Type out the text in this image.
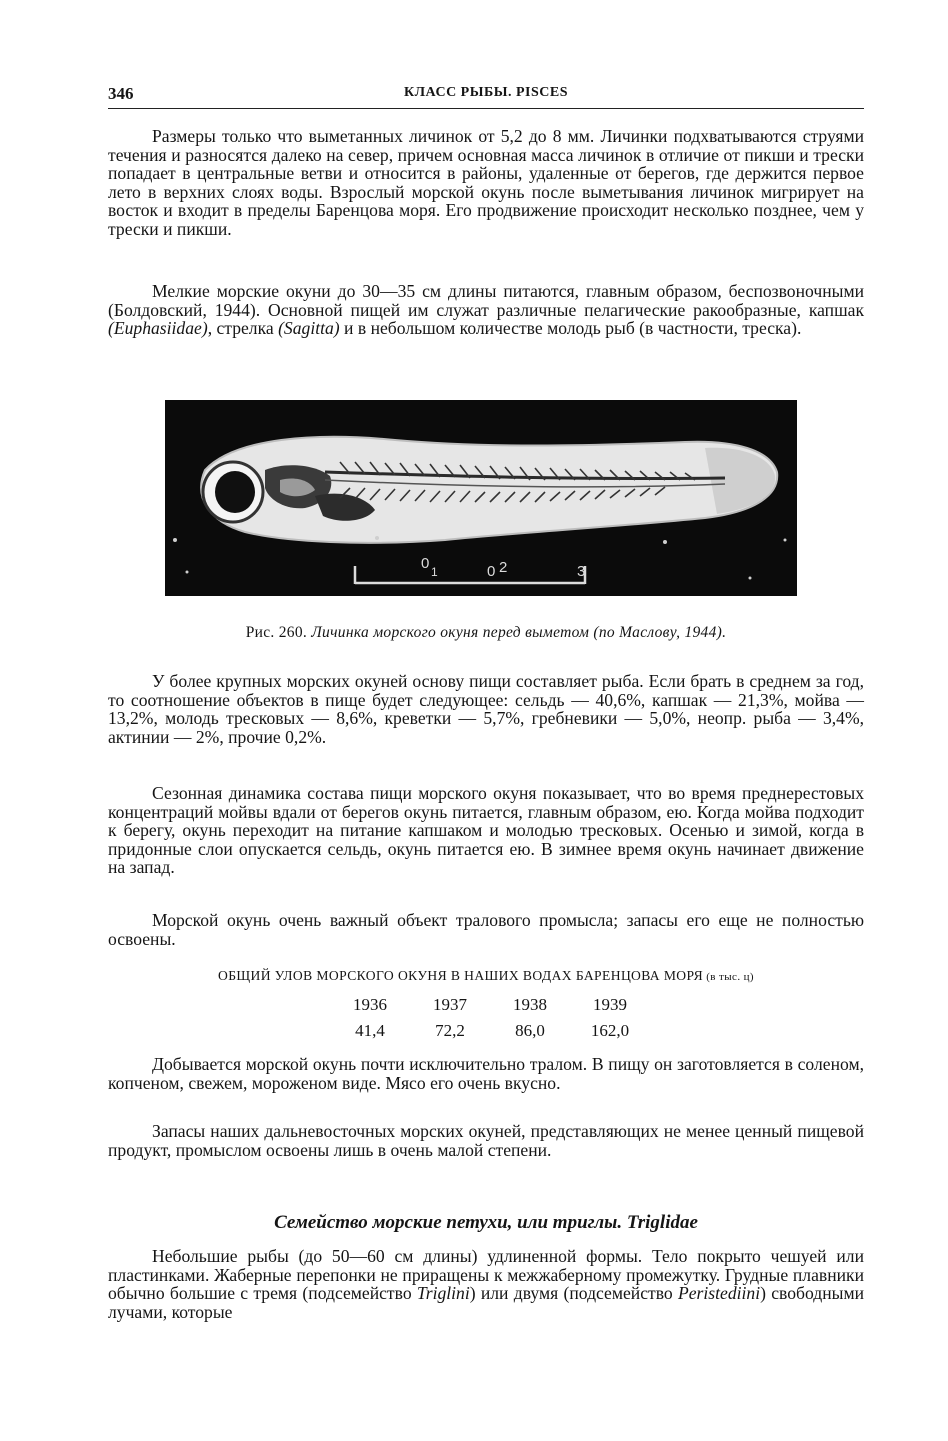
346	КЛАСС РЫБЫ. PISCES

Размеры только что выметанных личинок от 5,2 до 8 мм. Личинки подхватываются струями течения и разносятся далеко на север, причем основная масса личинок в отличие от пикши и трески попадает в центральные ветви и относится в районы, удаленные от берегов, где держится первое лето в верхних слоях воды. Взрослый морской окунь после выметывания личинок мигрирует на восток и входит в пределы Баренцова моря. Его продвижение происходит несколько позднее, чем у трески и пикши.

Мелкие морские окуни до 30—35 см длины питаются, главным образом, беспозвоночными (Болдовский, 1944). Основной пищей им служат различные пелагические ракообразные, капшак (Euphasiidae), стрелка (Sagitta) и в небольшом количестве молодь рыб (в частности, треска).

0 1	0 2	3
Рис. 260. Личинка морского окуня перед выметом (по Маслову, 1944).

У более крупных морских окуней основу пищи составляет рыба. Если брать в среднем за год, то соотношение объектов в пище будет следующее: сельдь — 40,6%, капшак — 21,3%, мойва — 13,2%, молодь тресковых — 8,6%, креветки — 5,7%, гребневики — 5,0%, неопр. рыба — 3,4%, актинии — 2%, прочие 0,2%.

Сезонная динамика состава пищи морского окуня показывает, что во время преднерестовых концентраций мойвы вдали от берегов окунь питается, главным образом, ею. Когда мойва подходит к берегу, окунь переходит на питание капшаком и молодью тресковых. Осенью и зимой, когда в придонные слои опускается сельдь, окунь питается ею. В зимнее время окунь начинает движение на запад.

Морской окунь очень важный объект тралового промысла; запасы его еще не полностью освоены.

ОБЩИЙ УЛОВ МОРСКОГО ОКУНЯ В НАШИХ ВОДАХ БАРЕНЦОВА МОРЯ (в тыс. ц)
1936	1937	1938	1939
41,4	72,2	86,0	162,0

Добывается морской окунь почти исключительно тралом. В пищу он заготовляется в соленом, копченом, свежем, мороженом виде. Мясо его очень вкусно.

Запасы наших дальневосточных морских окуней, представляющих не менее ценный пищевой продукт, промыслом освоены лишь в очень малой степени.

Семейство морские петухи, или триглы. Triglidae

Небольшие рыбы (до 50—60 см длины) удлиненной формы. Тело покрыто чешуей или пластинками. Жаберные перепонки не приращены к межжаберному промежутку. Грудные плавники обычно большие с тремя (подсемейство Triglini) или двумя (подсемейство Peristediini) свободными лучами, которые
